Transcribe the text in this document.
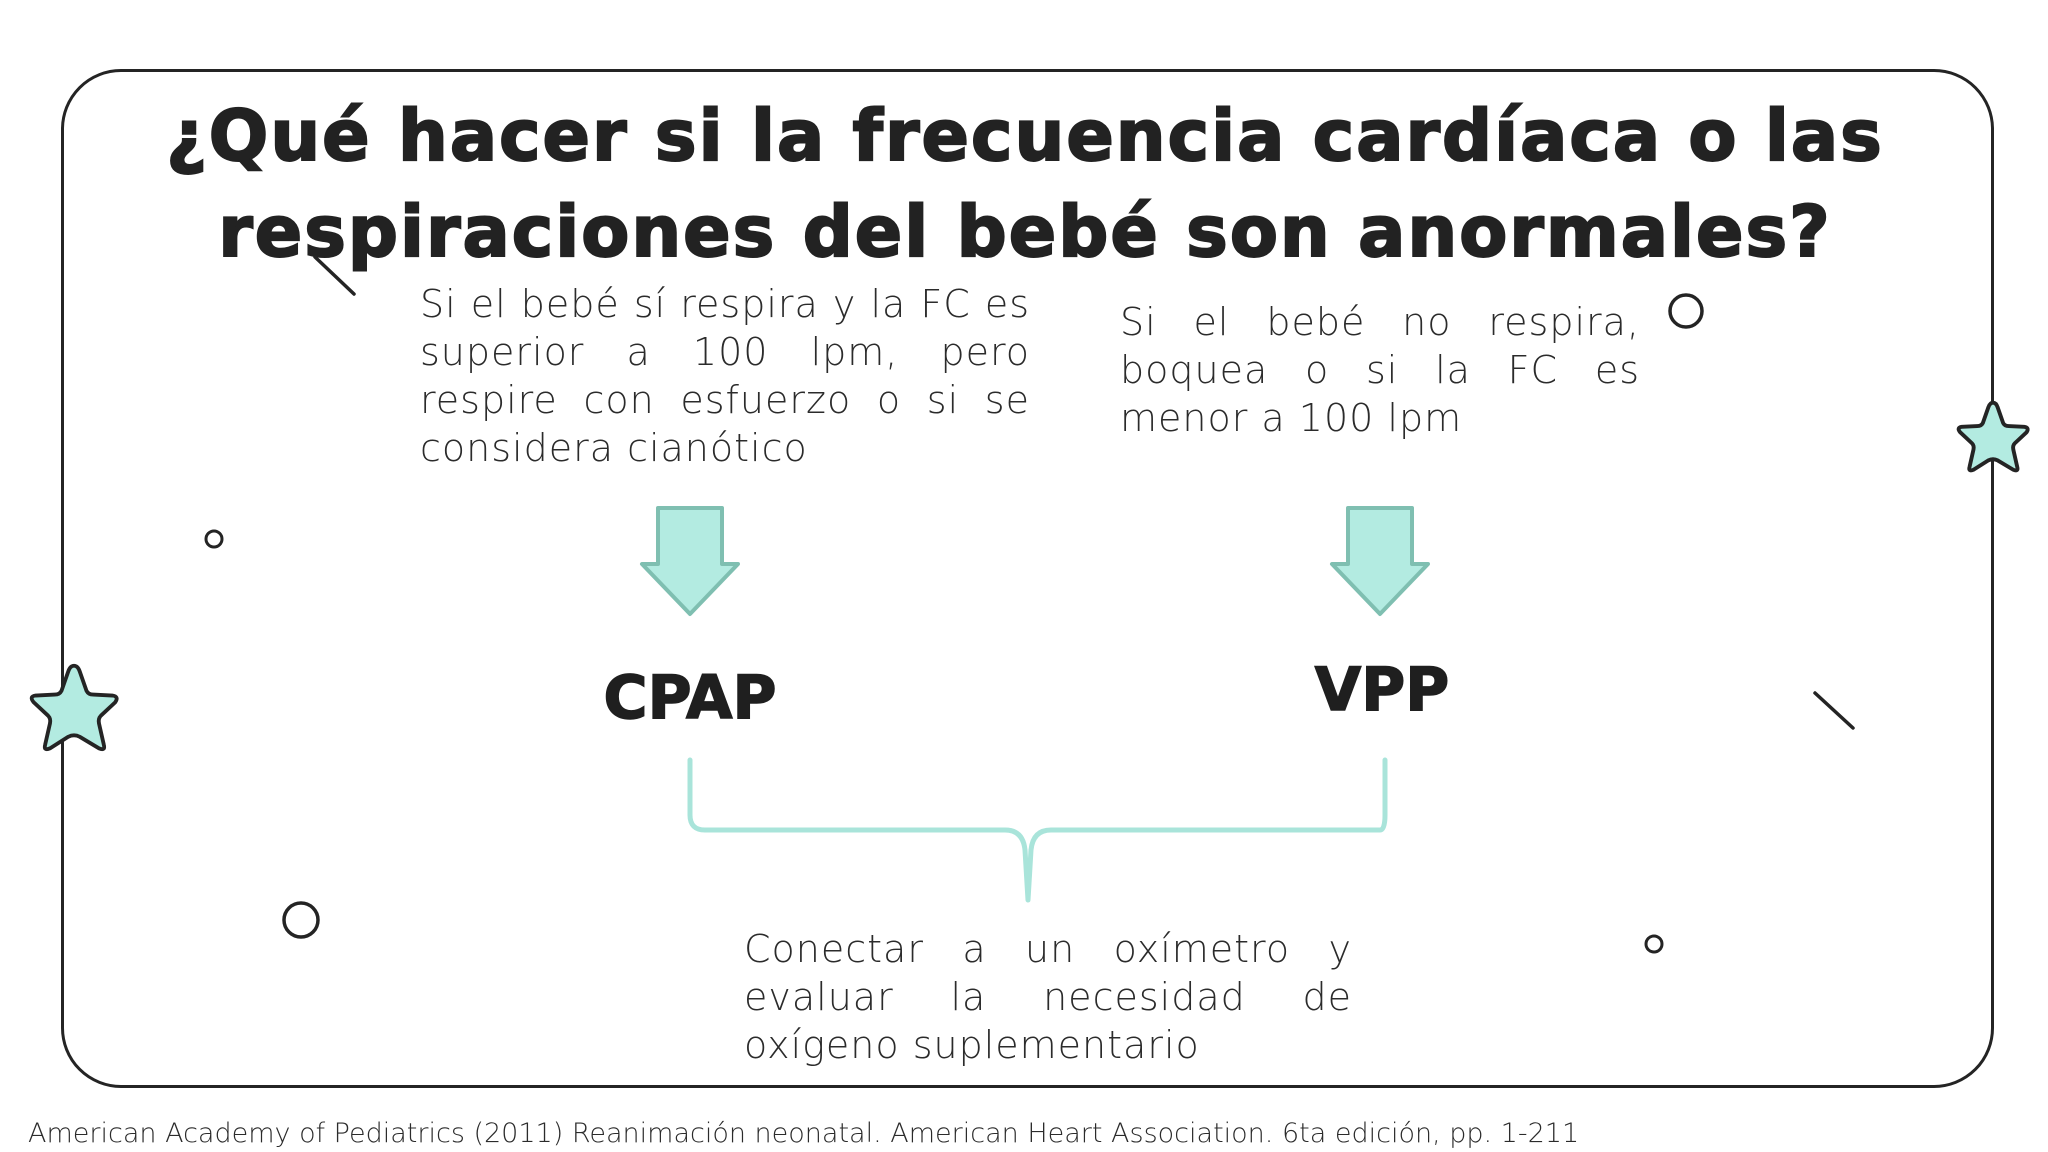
¿Qué hacer si la frecuencia cardíaca o las respiraciones del bebé son anormales?

Si el bebé sí respira y la FC es superior a 100 lpm, pero respire con esfuerzo o si se considera cianótico

Si el bebé no respira, boquea o si la FC es menor a 100 lpm

CPAP	VPP

Conectar a un oxímetro y evaluar la necesidad de oxígeno suplementario

American Academy of Pediatrics (2011) Reanimación neonatal. American Heart Association. 6ta edición, pp. 1-211
